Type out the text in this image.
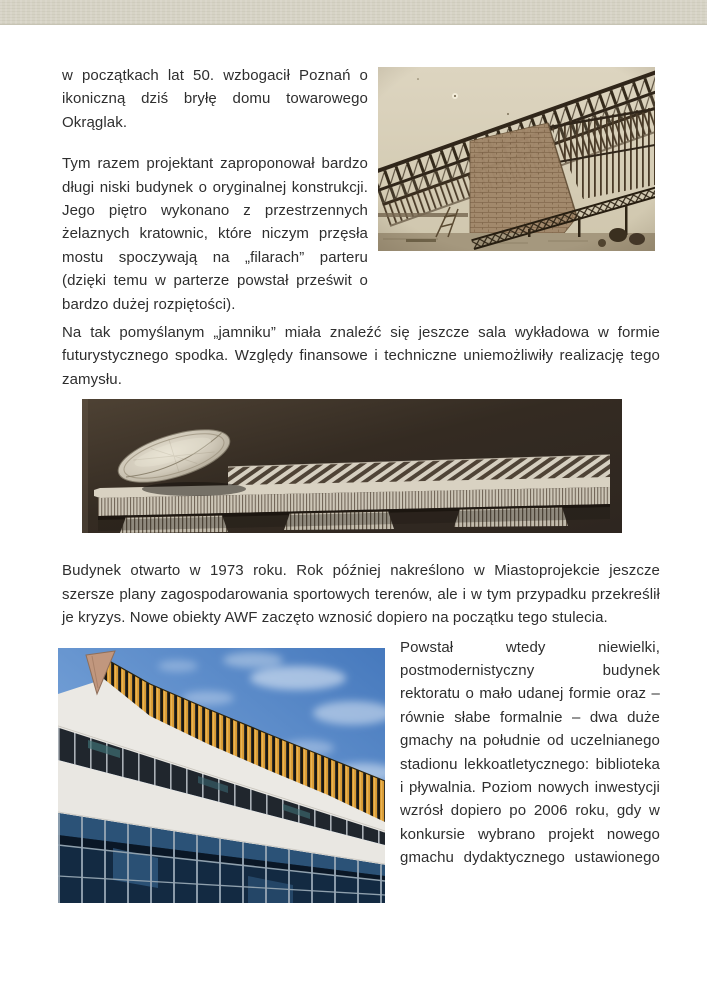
w początkach lat 50. wzbogacił Poznań o ikoniczną dziś bryłę domu towarowego Okrąglak.

Tym razem projektant zaproponował bardzo długi niski budynek o oryginalnej konstrukcji. Jego piętro wykonano z przestrzennych żelaznych kratownic, które niczym przęsła mostu spoczywają na „filarach” parteru (dzięki temu w parterze powstał prześwit o bardzo dużej rozpiętości).

Na tak pomyślanym „jamniku” miała znaleźć się jeszcze sala wykładowa w formie futurystycznego spodka. Względy finansowe i techniczne uniemożliwiły realizację tego zamysłu.

Budynek otwarto w 1973 roku. Rok później nakreślono w Miastoprojekcie jeszcze szersze plany zagospodarowania sportowych terenów, ale i w tym przypadku przekreślił je kryzys. Nowe obiekty AWF zaczęto wznosić dopiero na początku tego stulecia.

Powstał wtedy niewielki, postmodernistyczny budynek rektoratu o mało udanej formie oraz – równie słabe formalnie – dwa duże gmachy na południe od uczelnianego stadionu lekkoatletycznego: biblioteka i pływalnia. Poziom nowych inwestycji wzrósł dopiero po 2006 roku, gdy w konkursie wybrano projekt nowego gmachu dydaktycznego ustawionego
